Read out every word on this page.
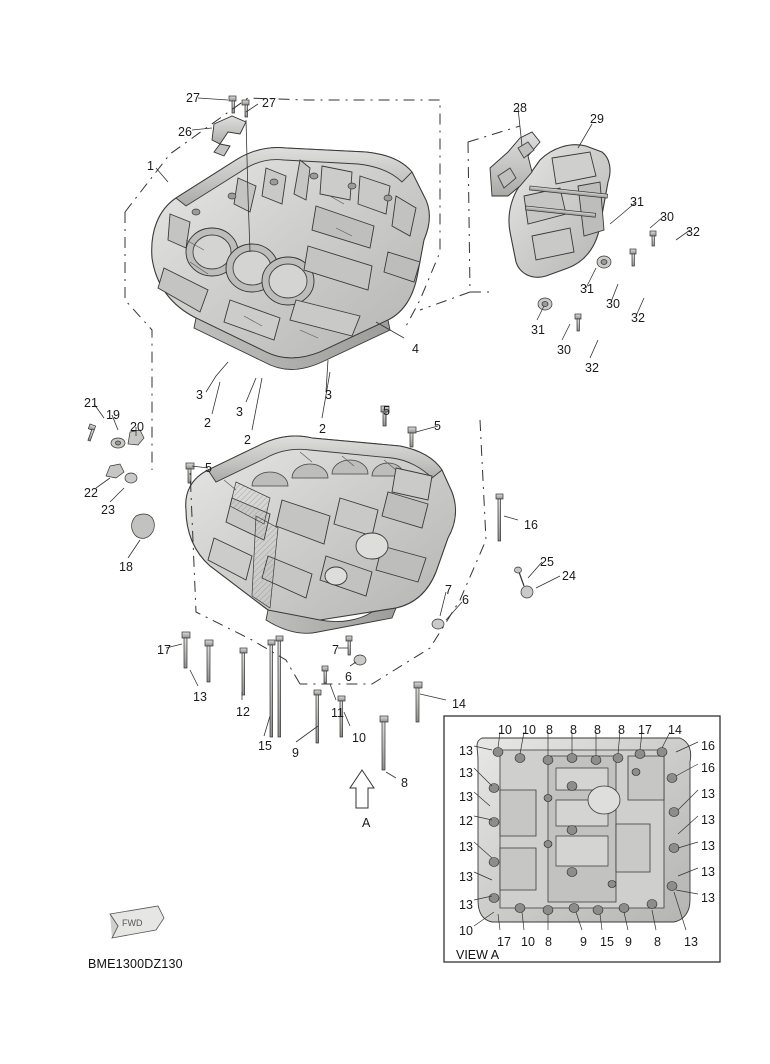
FWD
1
27	27
26
28
29
31
30
32
31
30
32
31
30
32
4
3
2
3
2
3
2
21
19
20
22
23
18
5
5
5
16
25
24
7
6
17
13
12
15 9
10
11
7
6
14
8
A
10 10 8 8 8 8 17 14
13
13
13
12
13
13
13
10
16
16
13
13
13
13
13
17 10 8 9 15 9 8 13
BME1300DZ130
VIEW A
